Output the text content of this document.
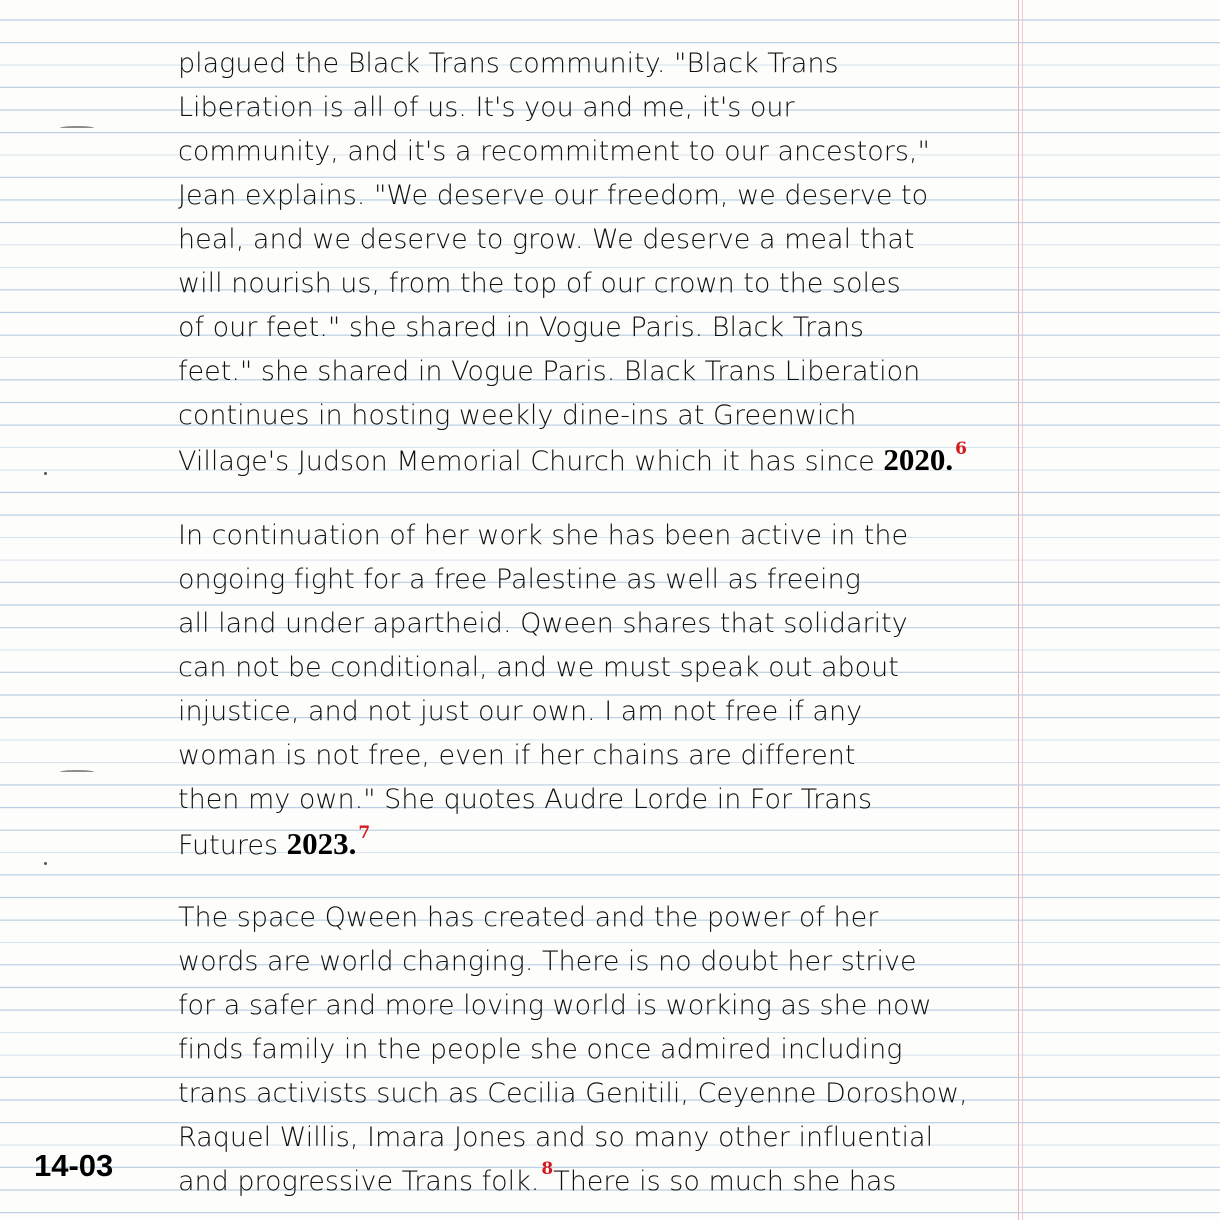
plagued the Black Trans community. "Black Trans
Liberation is all of us. It's you and me, it's our
community, and it's a recommitment to our ancestors,"
Jean explains. "We deserve our freedom, we deserve to
heal, and we deserve to grow. We deserve a meal that
will nourish us, from the top of our crown to the soles
of our feet." she shared in Vogue Paris. Black Trans
feet." she shared in Vogue Paris. Black Trans Liberation
continues in hosting weekly dine-ins at Greenwich
Village's Judson Memorial Church which it has since 2020. $^6$
In continuation of her work she has been active in the
ongoing fight for a free Palestine as well as freeing
all land under apartheid. Qween shares that solidarity
can not be conditional, and we must speak out about
injustice, and not just our own. I am not free if any
woman is not free, even if her chains are different
then my own." She quotes Audre Lorde in For Trans
Futures 2023. $^7$
The space Qween has created and the power of her
words are world changing. There is no doubt her strive
for a safer and more loving world is working as she now
finds family in the people she once admired including
trans activists such as Cecilia Genitili, Ceyenne Doroshow,
Raquel Willis, Imara Jones and so many other influential
and progressive Trans folk. $^8$There is so much she has
14-03
